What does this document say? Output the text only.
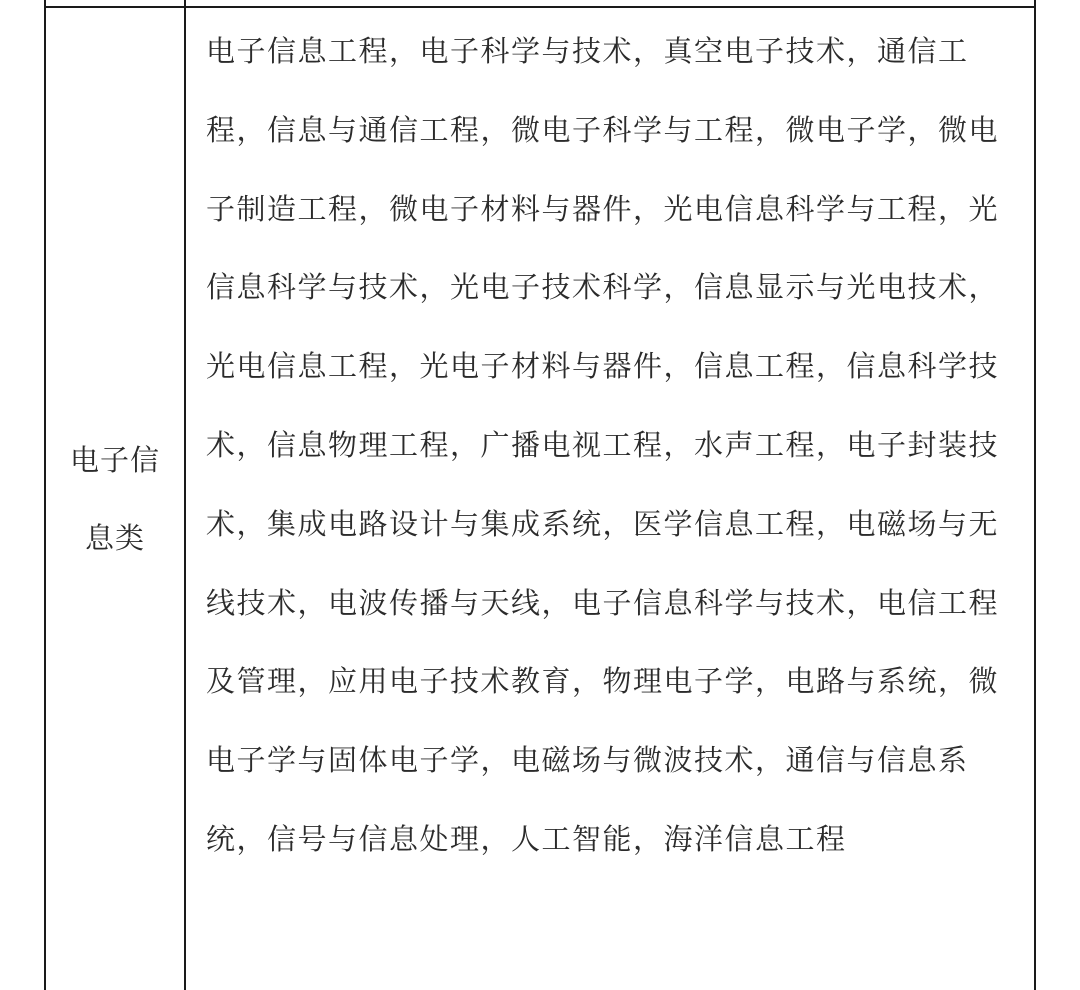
电子信息类

电子信息工程，电子科学与技术，真空电子技术，通信工程，信息与通信工程，微电子科学与工程，微电子学，微电子制造工程，微电子材料与器件，光电信息科学与工程，光信息科学与技术，光电子技术科学，信息显示与光电技术，光电信息工程，光电子材料与器件，信息工程，信息科学技术，信息物理工程，广播电视工程，水声工程，电子封装技术，集成电路设计与集成系统，医学信息工程，电磁场与无线技术，电波传播与天线，电子信息科学与技术，电信工程及管理，应用电子技术教育，物理电子学，电路与系统，微电子学与固体电子学，电磁场与微波技术，通信与信息系统，信号与信息处理，人工智能，海洋信息工程
